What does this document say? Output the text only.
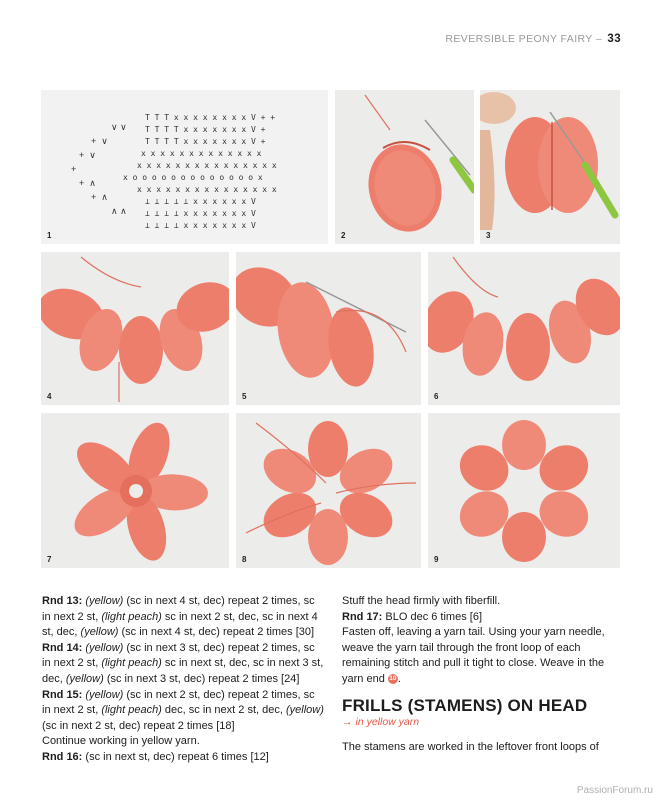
REVERSIBLE PEONY FAIRY – 33
T T T x x x x x x x x V + +
T T T T x x x x x x x V +
T T T T x x x x x x x V +
x x x x x x x x x x x x x
x x x x x x x x x x x x x x x
x o o o o o o o o o o o o o x
x x x x x x x x x x x x x x x
⊥ ⊥ ⊥ ⊥ ⊥ x x x x x x V
⊥ ⊥ ⊥ ⊥ x x x x x x x V
⊥ ⊥ ⊥ ⊥ x x x x x x x V
∨ ∨
+  ∨
+  ∨
+
+  ∧
+  ∧
∧ ∧
1	2	3
4	5	6
7	8	9

Rnd 13: (yellow) (sc in next 4 st, dec) repeat 2 times, sc in next 2 st, (light peach) sc in next 2 st, dec, sc in next 4 st, dec, (yellow) (sc in next 4 st, dec) repeat 2 times [30]

Rnd 14: (yellow) (sc in next 3 st, dec) repeat 2 times, sc in next 2 st, (light peach) sc in next st, dec, sc in next 3 st, dec, (yellow) (sc in next 3 st, dec) repeat 2 times [24]

Rnd 15: (yellow) (sc in next 2 st, dec) repeat 2 times, sc in next 2 st, (light peach) dec, sc in next 2 st, dec, (yellow) (sc in next 2 st, dec) repeat 2 times [18]

Continue working in yellow yarn.

Rnd 16: (sc in next st, dec) repeat 6 times [12]

Stuff the head firmly with fiberfill.

Rnd 17: BLO dec 6 times [6]

Fasten off, leaving a yarn tail. Using your yarn needle, weave the yarn tail through the front loop of each remaining stitch and pull it tight to close. Weave in the yarn end 10.

FRILLS (STAMENS) ON HEAD
→ in yellow yarn
The stamens are worked in the leftover front loops of
PassionForum.ru
